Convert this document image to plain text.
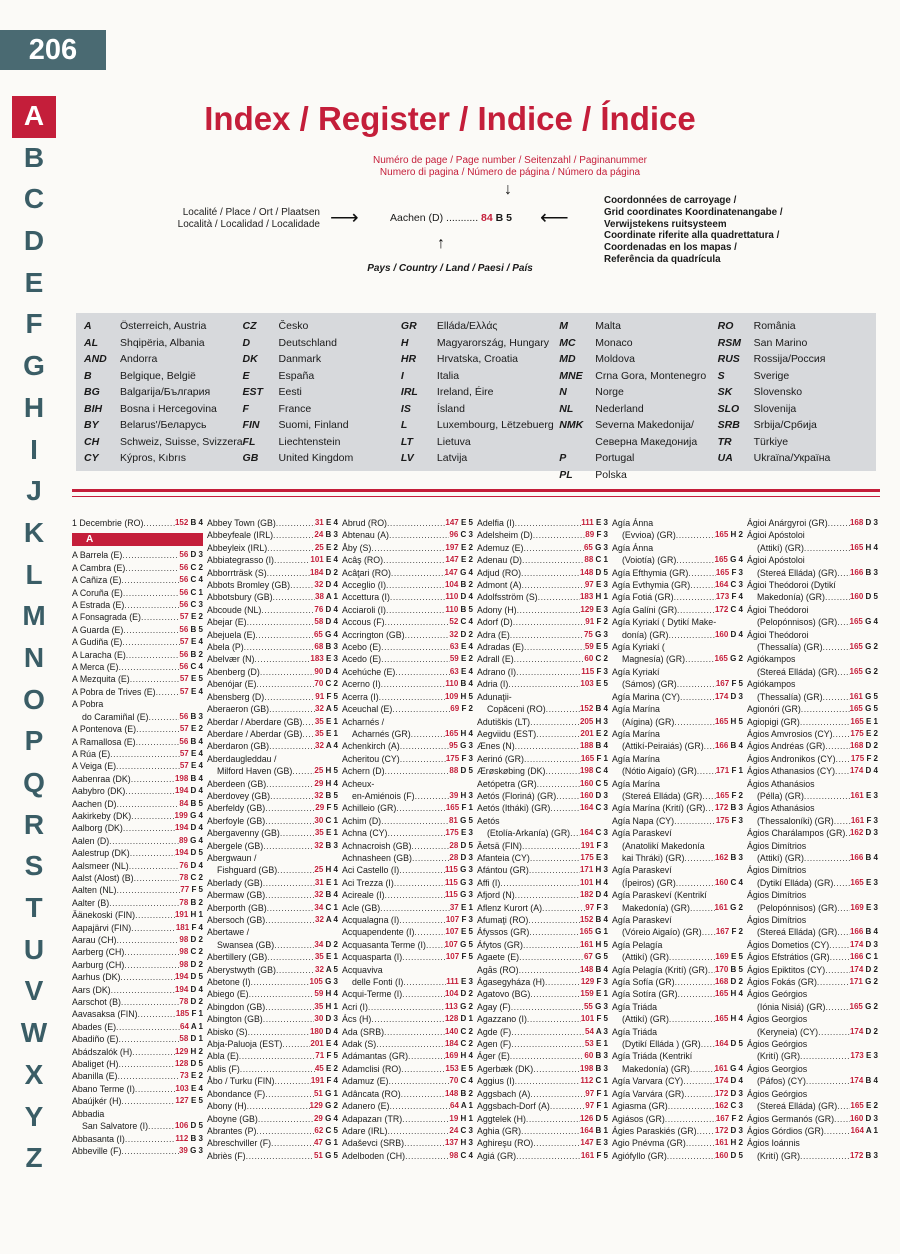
206
A
B
C
D
E
F
G
H
I
J
K
L
M
N
O
P
Q
R
S
T
U
V
W
X
Y
Z
Index / Register / Indice / Índice
Numéro de page / Page number / Seitenzahl / Paginanummer
Numero di pagina / Número de página / Número da página
↓
Localité / Place / Ort / Plaatsen
Località / Localidad / Localidade ⟶	Aachen (D) ........... 84 B 5	⟵
Coordonnées de carroyage /
Grid coordinates Koordinatenangabe /
Verwijstekens ruitsysteem
Coordinate riferite alla quadrettatura /
Coordenadas en los mapas /
Referência da quadrícula
↑
Pays / Country / Land / Paesi / País
A	Österreich, Austria
AL	Shqipëria, Albania
AND	Andorra
B	Belgique, België
BG	Balgarija/България
BIH	Bosna i Hercegovina
BY	Belarus'/Беларусь
CH	Schweiz, Suisse, Svizzera
CY	Kýpros, Kıbrıs
CZ	Česko
D	Deutschland
DK	Danmark
E	España
EST	Eesti
F	France
FIN	Suomi, Finland
FL	Liechtenstein
GB	United Kingdom
GR	Elláda/Ελλάς
H	Magyarország, Hungary
HR	Hrvatska, Croatia
I	Italia
IRL	Ireland, Éire
IS	Ísland
L	Luxembourg, Lëtzebuerg
LT	Lietuva
LV	Latvija
M	Malta
MC	Monaco
MD	Moldova
MNE	Crna Gora, Montenegro
N	Norge
NL	Nederland
NMK	Severna Makedonija/
Северна Македонија
P	Portugal
PL	Polska
RO	România
RSM	San Marino
RUS	Rossija/Россия
S	Sverige
SK	Slovensko
SLO	Slovenija
SRB	Srbija/Србија
TR	Türkiye
UA	Ukraïna/Україна
1 Decembrie (RO) .....	152 B 4
A
A Barrela (E) .....	56 D 3
A Cambra (E) .....	56 C 2
A Cañiza (E) .....	56 C 4
A Coruña (E) .....	56 C 1
A Estrada (E) .....	56 C 3
A Fonsagrada (E) .....	57 E 2
A Guarda (E) .....	56 B 5
A Gudiña (E) .....	57 E 4
A Laracha (E) .....	56 B 2
A Merca (E) .....	56 C 4
A Mezquita (E) .....	57 E 5
A Pobra de Trives (E) .....	57 E 4
A Pobra
do Caramiñal (E) .....	56 B 3
A Pontenova (E) .....	57 E 2
A Ramallosa (E) .....	56 B 4
A Rúa (E) .....	57 E 4
A Veiga (E) .....	57 E 4
Aabenraa (DK) .....	198 B 4
Aabybro (DK) .....	194 D 4
Aachen (D) .....	84 B 5
Aakirkeby (DK) .....	199 G 4
Aalborg (DK) .....	194 D 4
Aalen (D) .....	89 G 4
Aalestrup (DK) .....	194 D 5
Aalsmeer (NL) .....	76 D 4
Aalst (Alost) (B) .....	78 C 2
Aalten (NL) .....	77 F 5
Aalter (B) .....	78 B 2
Äänekoski (FIN) .....	191 H 1
Aapajärvi (FIN) .....	181 F 4
Aarau (CH) .....	98 D 2
Aarberg (CH) .....	98 C 2
Aarburg (CH) .....	98 D 2
Aarhus (DK) .....	194 D 5
Aars (DK) .....	194 D 4
Aarschot (B) .....	78 D 2
Aavasaksa (FIN) .....	185 F 1
Abades (E) .....	64 A 1
Abadiño (E) .....	58 D 1
Abádszalók (H) .....	129 H 2
Abaliget (H) .....	128 D 5
Abanilla (E) .....	73 E 2
Abano Terme (I) .....	103 E 4
Abaújkér (H) .....	127 E 5
Abbadia
San Salvatore (I) .....	106 D 5
Abbasanta (I) .....	112 B 3
Abbeville (F) .....	39 G 3
Abbey Town (GB) .....	31 E 4
Abbeyfeale (IRL) .....	24 B 3
Abbeyleix (IRL) .....	25 E 2
Abbiategrasso (I) .....	101 E 4
Abborrträsk (S) .....	184 D 2
Abbots Bromley (GB) .....	32 D 4
Abbotsbury (GB) .....	38 A 1
Abcoude (NL) .....	76 D 4
Abejar (E) .....	58 D 4
Abejuela (E) .....	65 G 4
Abela (P) .....	68 B 3
Abelvær (N) .....	183 E 3
Abenberg (D) .....	90 D 4
Abenójar (E) .....	70 C 2
Abensberg (D) .....	91 F 5
Aberaeron (GB) .....	32 A 5
Aberdar / Aberdare (GB) ..... 35 E 1
Aberdare / Aberdar (GB) ..... 35 E 1
Aberdaron (GB) .....	32 A 4
Aberdaugleddau /
Milford Haven (GB) .....	25 H 5
Aberdeen (GB) .....	29 H 4
Aberdovey (GB) .....	32 B 5
Aberfeldy (GB) .....	29 F 5
Aberfoyle (GB) .....	30 C 1
Abergavenny (GB) .....	35 E 1
Abergele (GB) .....	32 B 3
Abergwaun /
Fishguard (GB) .....	25 H 4
Aberlady (GB) .....	31 E 1
Abermaw (GB) .....	32 B 4
Aberporth (GB) .....	34 C 1
Abersoch (GB) .....	32 A 4
Abertawe /
Swansea (GB) .....	34 D 2
Abertillery (GB) .....	35 E 1
Aberystwyth (GB) .....	32 A 5
Abetone (I) .....	105 G 3
Abiego (E) .....	59 H 4
Abingdon (GB) .....	35 H 1
Abington (GB) .....	30 D 3
Abisko (S) .....	180 D 4
Abja-Paluoja (EST) .....	201 E 4
Abla (E) .....	71 F 5
Ablis (F) .....	45 E 2
Åbo / Turku (FIN) .....	191 F 4
Abondance (F) .....	51 G 1
Abony (H) .....	129 G 2
Aboyne (GB) .....	29 G 4
Abrantes (P) .....	62 C 5
Abreschviller (F) .....	47 G 1
Abriès (F) .....	51 G 5
Abrud (RO) .....	147 E 5
Abtenau (A) .....	96 C 3
Åby (S) .....	197 E 2
Acâş (RO) .....	147 E 2
Acâţari (RO) .....	147 G 4
Acceglio (I) .....	104 B 2
Accettura (I) .....	110 D 4
Acciaroli (I) .....	110 B 5
Accous (F) .....	52 C 4
Accrington (GB) .....	32 D 2
Acebo (E) .....	63 E 4
Acedo (E) .....	59 E 2
Acehúche (E) .....	63 E 4
Acerno (I) .....	110 B 4
Acerra (I) .....	109 H 5
Aceuchal (E) .....	69 F 2
Acharnés /
Acharnés (GR) .....	165 H 4
Achenkirch (A) .....	95 G 3
Acheritou (CY) .....	175 F 3
Achern (D) .....	88 D 5
Acheux-
en-Amiénois (F) .....	39 H 3
Achilleio (GR) .....	165 F 1
Achim (D) .....	81 G 5
Achna (CY) .....	175 E 3
Achnacroish (GB) .....	28 D 5
Achnasheen (GB) .....	28 D 3
Aci Castello (I) .....	115 G 3
Aci Trezza (I) .....	115 G 3
Acireale (I) .....	115 G 3
Acle (GB) .....	37 E 1
Acqualagna (I) .....	107 F 3
Acquapendente (I) .....	107 E 5
Acquasanta Terme (I) ..... 107 G 5
Acquasparta (I) .....	107 F 5
Acquaviva
delle Fonti (I) .....	111 E 3
Acqui-Terme (I) .....	104 D 2
Acri (I) .....	113 G 2
Ács (H) .....	128 D 1
Ada (SRB) .....	140 C 2
Adak (S) .....	184 C 2
Adámantas (GR) .....	169 H 4
Adamclisi (RO) .....	153 E 5
Adamuz (E) .....	70 C 4
Adâncata (RO) .....	148 B 2
Adanero (E) .....	64 A 1
Adapazarı (TR) .....	19 H 1
Adare (IRL) .....	24 C 3
Adaševci (SRB) .....	137 H 3
Adelboden (CH) .....	98 C 4
Adelfia (I) .....	111 E 3
Adelsheim (D) .....	89 F 3
Ademuz (E) .....	65 G 3
Adenau (D) .....	88 C 1
Adjud (RO) .....	148 D 5
Admont (A) .....	97 E 3
Adolfsström (S) .....	183 H 1
Adony (H) .....	129 E 3
Adorf (D) .....	91 F 2
Adra (E) .....	75 G 3
Adradas (E) .....	59 E 5
Adrall (E) .....	60 C 2
Adrano (I) .....	115 F 3
Adria (I) .....	103 E 5
Adunaţii-
Copăceni (RO) .....	152 B 4
Adutiškis (LT) .....	205 H 3
Aegviidu (EST) .....	201 E 2
Ænes (N) .....	188 B 4
Aerinó (GR) .....	165 F 1
Ærøskøbing (DK) .....	198 C 4
Aetópetra (GR) .....	160 C 5
Aetós (Floriná) (GR) .....	160 D 3
Aetós (Itháki) (GR) .....	164 C 3
Aetós
(Etolía-Arkanía) (GR) ..... 164 C 3
Äetsä (FIN) .....	191 F 3
Afanteia (CY) .....	175 E 3
Afántou (GR) .....	171 H 3
Affi (I) .....	101 H 4
Afjord (N) .....	182 D 4
Aflenz Kurort (A) .....	97 F 3
Afumaţi (RO) .....	152 B 4
Áfyssos (GR) .....	165 G 1
Áfytos (GR) .....	161 H 5
Agaete (E) .....	67 G 5
Agās (RO) .....	148 B 4
Ágasegyháza (H) .....	129 F 3
Agatovo (BG) .....	159 E 1
Agay (F) .....	55 G 3
Agazzano (I) .....	101 F 5
Agde (F) .....	54 A 3
Agen (F) .....	53 E 1
Áger (E) .....	60 B 3
Agerbæk (DK) .....	198 B 3
Aggius (I) .....	112 C 1
Aggsbach (A) .....	97 F 1
Aggsbach-Dorf (A) .....	97 F 1
Aggtelek (H) .....	126 D 5
Aghia (GR) .....	164 B 1
Aghireşu (RO) .....	147 E 3
Agiá (GR) .....	161 F 5
Agía Ánna
(Evvioa) (GR) .....	165 H 2
Agía Ánna
(Voiotía) (GR) .....	165 G 4
Agía Efthymia (GR) .....	165 F 3
Agía Evthymia (GR) .....	164 C 3
Agía Fotiá (GR) .....	173 F 4
Agía Galíni (GR) .....	172 C 4
Agía Kyriakí ( Dytikí Make-
donía) (GR) .....	160 D 4
Agía Kyriakí (
Magnesía) (GR) .....	165 G 2
Agía Kyriakí
(Sámos) (GR) .....	167 F 5
Agía Marina (CY) .....	174 D 3
Agía Marína
(Aígina) (GR) .....	165 H 5
Agía Marína
(Attikí-Peiraiás) (GR) ..... 166 B 4
Agía Marína
(Nótio Aigaío) (GR) ..... 171 F 1
Agía Marína
(Stereá Elláda) (GR) ..... 165 F 2
Agía Marína (Krití) (GR) ..... 172 B 3
Agía Napa (CY) .....	175 F 3
Agía Paraskeví
(Anatolikí Makedonía
kai Thráki) (GR) .....	162 B 3
Agía Paraskeví
(Ípeiros) (GR) .....	160 C 4
Agía Paraskeví (Kentrikí
Makedonía) (GR) .....	161 G 2
Agía Paraskeví
(Vóreio Aigaío) (GR) ..... 167 F 2
Agía Pelagía
(Attikí) (GR) .....	169 E 5
Agía Pelagía (Krití) (GR) ..... 170 B 5
Agía Sofía (GR) .....	168 D 2
Agía Sotíra (GR) .....	165 H 4
Agía Triáda
(Attikí) (GR) .....	165 H 4
Agía Triáda
(Dytikí Elláda ) (GR) ..... 164 D 5
Agía Triáda (Kentrikí
Makedonía) (GR) .....	161 G 4
Agía Varvara (CY) .....	174 D 4
Agía Varvára (GR) .....	172 D 3
Agiasma (GR) .....	162 C 3
Agiásos (GR) .....	167 F 2
Ágies Paraskiés (GR) ..... 172 D 3
Agio Pnévma (GR) .....	161 H 2
Agiófyllo (GR) .....	160 D 5
Ágioi Anárgyroi (GR) .....	168 D 3
Ágioi Apóstoloi
(Attikí) (GR) .....	165 H 4
Ágioi Apóstoloi
(Stereá Elláda) (GR) ..... 166 B 3
Ágioi Theódoroi (Dytikí
Makedonía) (GR) .....	160 D 5
Ágioi Theódoroi
(Pelopónnisos) (GR) ..... 165 G 4
Ágioi Theódoroi
(Thessalía) (GR) .....	165 G 2
Agiókampos
(Stereá Elláda) (GR) ..... 165 G 2
Agiókampos
(Thessalía) (GR) .....	161 G 5
Agionóri (GR) .....	165 G 5
Agiopigi (GR) .....	165 E 1
Ágios Amvrosios (CY) ..... 175 E 2
Ágios Andréas (GR) .....	168 D 2
Ágios Andronikos (CY) ..... 175 F 2
Ágios Athanasios (CY) ..... 174 D 4
Ágios Athanásios
(Pélla) (GR) .....	161 E 3
Ágios Athanásios
(Thessaloníki) (GR) ..... 161 F 3
Ágios Charálampos (GR) ..... 162 D 3
Ágios Dimítrios
(Attikí) (GR) .....	166 B 4
Ágios Dimítrios
(Dytikí Elláda) (GR) ..... 165 E 3
Ágios Dimítrios
(Pelopónnisos) (GR) ..... 169 E 3
Ágios Dimítrios
(Stereá Elláda) (GR) ..... 166 B 4
Ágios Dometios (CY) .....	174 D 3
Ágios Efstrátios (GR) .....	166 C 1
Ágios Epiktitos (CY) .....	174 D 2
Ágios Fokás (GR) .....	171 G 2
Ágios Geórgios
(Iónia Nisiá) (GR) .....	165 G 2
Ágios Georgios
(Keryneia) (CY) .....	174 D 2
Ágios Geórgios
(Krití) (GR) .....	173 E 3
Ágios Georgios
(Páfos) (CY) .....	174 B 4
Ágios Geórgios
(Stereá Elláda) (GR) ..... 165 E 2
Ágios Germanós (GR) ..... 160 D 3
Ágios Górdios (GR) .....	164 A 1
Ágios Ioánnis
(Krití) (GR) .....	172 B 3
